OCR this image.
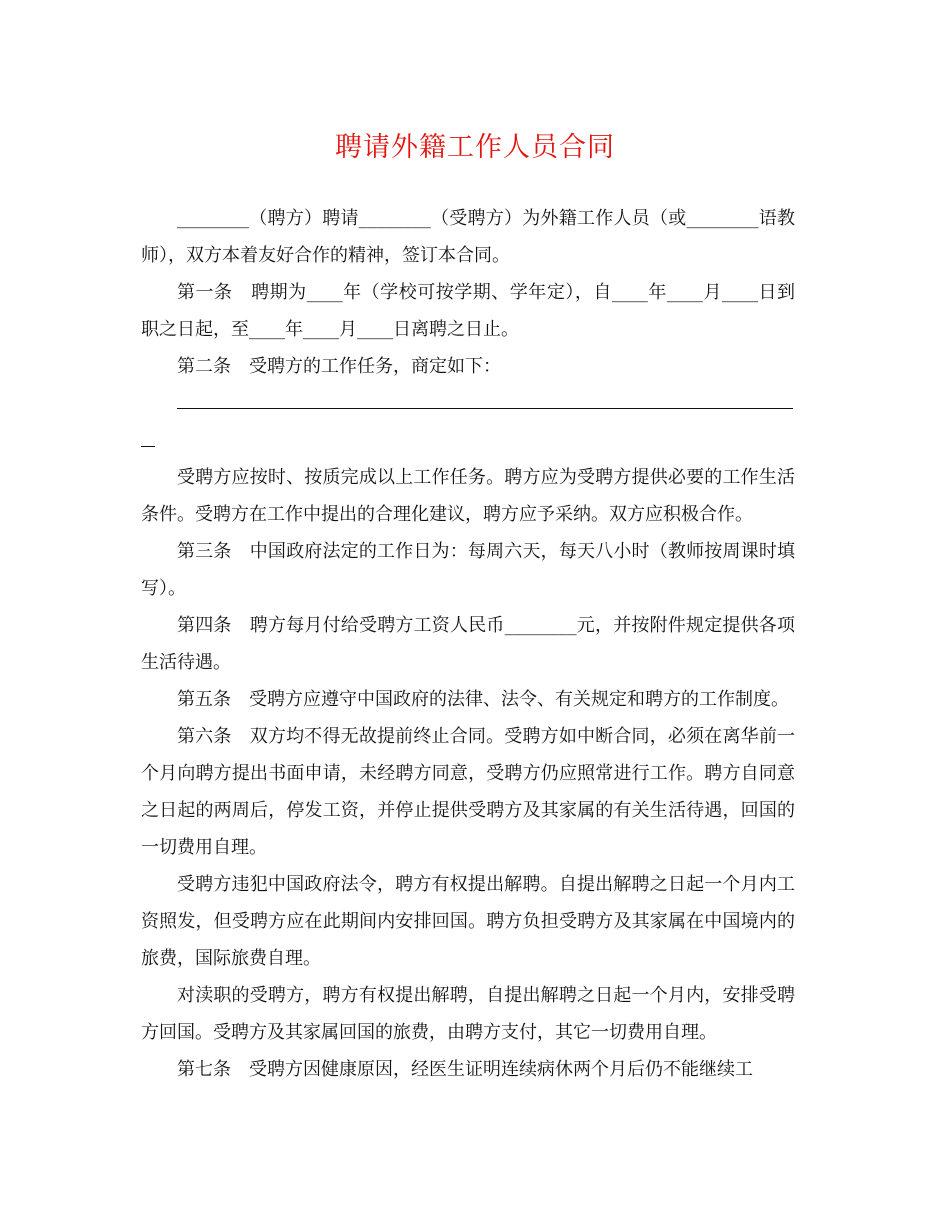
聘请外籍工作人员合同

________（聘方）聘请________（受聘方）为外籍工作人员（或________语教师），双方本着友好合作的精神，签订本合同。

第一条　聘期为____年（学校可按学期、学年定），自____年____月____日到职之日起，至____年____月____日离聘之日止。

第二条　受聘方的工作任务，商定如下：

受聘方应按时、按质完成以上工作任务。聘方应为受聘方提供必要的工作生活条件。受聘方在工作中提出的合理化建议，聘方应予采纳。双方应积极合作。

第三条　中国政府法定的工作日为：每周六天，每天八小时（教师按周课时填写）。

第四条　聘方每月付给受聘方工资人民币________元，并按附件规定提供各项生活待遇。

第五条　受聘方应遵守中国政府的法律、法令、有关规定和聘方的工作制度。

第六条　双方均不得无故提前终止合同。受聘方如中断合同，必须在离华前一个月向聘方提出书面申请，未经聘方同意，受聘方仍应照常进行工作。聘方自同意之日起的两周后，停发工资，并停止提供受聘方及其家属的有关生活待遇，回国的一切费用自理。

受聘方违犯中国政府法令，聘方有权提出解聘。自提出解聘之日起一个月内工资照发，但受聘方应在此期间内安排回国。聘方负担受聘方及其家属在中国境内的旅费，国际旅费自理。

对渎职的受聘方，聘方有权提出解聘，自提出解聘之日起一个月内，安排受聘方回国。受聘方及其家属回国的旅费，由聘方支付，其它一切费用自理。

第七条　受聘方因健康原因，经医生证明连续病休两个月后仍不能继续工
